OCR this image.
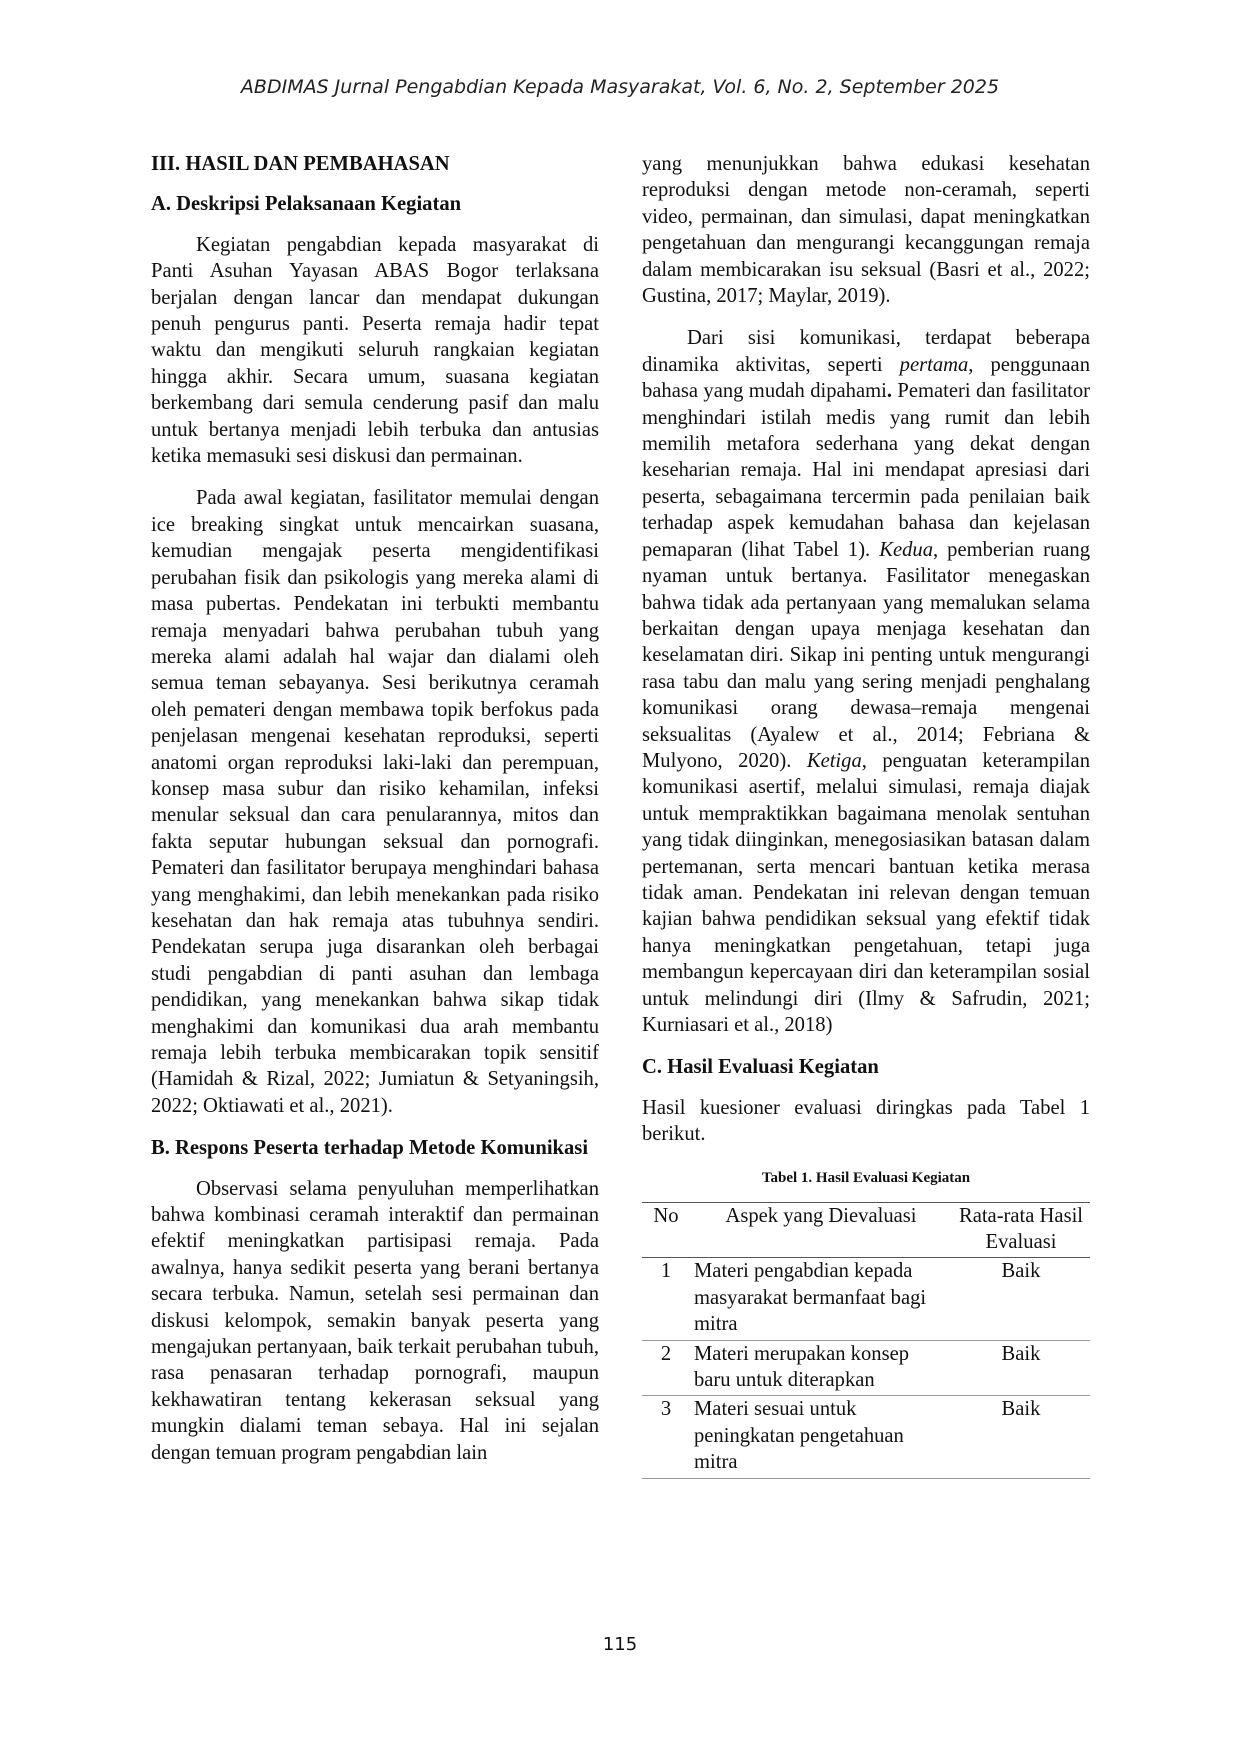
ABDIMAS Jurnal Pengabdian Kepada Masyarakat, Vol. 6, No. 2, September 2025
III. HASIL DAN PEMBAHASAN
A. Deskripsi Pelaksanaan Kegiatan

Kegiatan pengabdian kepada masyarakat di Panti Asuhan Yayasan ABAS Bogor terlaksana berjalan dengan lancar dan mendapat dukungan penuh pengurus panti. Peserta remaja hadir tepat waktu dan mengikuti seluruh rangkaian kegiatan hingga akhir. Secara umum, suasana kegiatan berkembang dari semula cenderung pasif dan malu untuk bertanya menjadi lebih terbuka dan antusias ketika memasuki sesi diskusi dan permainan.

Pada awal kegiatan, fasilitator memulai dengan ice breaking singkat untuk mencairkan suasana, kemudian mengajak peserta mengidentifikasi perubahan fisik dan psikologis yang mereka alami di masa pubertas. Pendekatan ini terbukti membantu remaja menyadari bahwa perubahan tubuh yang mereka alami adalah hal wajar dan dialami oleh semua teman sebayanya. Sesi berikutnya ceramah oleh pemateri dengan membawa topik berfokus pada penjelasan mengenai kesehatan reproduksi, seperti anatomi organ reproduksi laki-laki dan perempuan, konsep masa subur dan risiko kehamilan, infeksi menular seksual dan cara penularannya, mitos dan fakta seputar hubungan seksual dan pornografi. Pemateri dan fasilitator berupaya menghindari bahasa yang menghakimi, dan lebih menekankan pada risiko kesehatan dan hak remaja atas tubuhnya sendiri. Pendekatan serupa juga disarankan oleh berbagai studi pengabdian di panti asuhan dan lembaga pendidikan, yang menekankan bahwa sikap tidak menghakimi dan komunikasi dua arah membantu remaja lebih terbuka membicarakan topik sensitif (Hamidah & Rizal, 2022; Jumiatun & Setyaningsih, 2022; Oktiawati et al., 2021).

B. Respons Peserta terhadap Metode Komunikasi

Observasi selama penyuluhan memperlihatkan bahwa kombinasi ceramah interaktif dan permainan efektif meningkatkan partisipasi remaja. Pada awalnya, hanya sedikit peserta yang berani bertanya secara terbuka. Namun, setelah sesi permainan dan diskusi kelompok, semakin banyak peserta yang mengajukan pertanyaan, baik terkait perubahan tubuh, rasa penasaran terhadap pornografi, maupun kekhawatiran tentang kekerasan seksual yang mungkin dialami teman sebaya. Hal ini sejalan dengan temuan program pengabdian lain

yang menunjukkan bahwa edukasi kesehatan reproduksi dengan metode non-ceramah, seperti video, permainan, dan simulasi, dapat meningkatkan pengetahuan dan mengurangi kecanggungan remaja dalam membicarakan isu seksual (Basri et al., 2022; Gustina, 2017; Maylar, 2019).

Dari sisi komunikasi, terdapat beberapa dinamika aktivitas, seperti pertama, penggunaan bahasa yang mudah dipahami. Pemateri dan fasilitator menghindari istilah medis yang rumit dan lebih memilih metafora sederhana yang dekat dengan keseharian remaja. Hal ini mendapat apresiasi dari peserta, sebagaimana tercermin pada penilaian baik terhadap aspek kemudahan bahasa dan kejelasan pemaparan (lihat Tabel 1). Kedua, pemberian ruang nyaman untuk bertanya. Fasilitator menegaskan bahwa tidak ada pertanyaan yang memalukan selama berkaitan dengan upaya menjaga kesehatan dan keselamatan diri. Sikap ini penting untuk mengurangi rasa tabu dan malu yang sering menjadi penghalang komunikasi orang dewasa–remaja mengenai seksualitas (Ayalew et al., 2014; Febriana & Mulyono, 2020). Ketiga, penguatan keterampilan komunikasi asertif, melalui simulasi, remaja diajak untuk mempraktikkan bagaimana menolak sentuhan yang tidak diinginkan, menegosiasikan batasan dalam pertemanan, serta mencari bantuan ketika merasa tidak aman. Pendekatan ini relevan dengan temuan kajian bahwa pendidikan seksual yang efektif tidak hanya meningkatkan pengetahuan, tetapi juga membangun kepercayaan diri dan keterampilan sosial untuk melindungi diri (Ilmy & Safrudin, 2021; Kurniasari et al., 2018)

C. Hasil Evaluasi Kegiatan

Hasil kuesioner evaluasi diringkas pada Tabel 1 berikut.

Tabel 1. Hasil Evaluasi Kegiatan
No	Aspek yang Dievaluasi	Rata-rata Hasil Evaluasi
1	Materi pengabdian kepada masyarakat bermanfaat bagi mitra	Baik
2	Materi merupakan konsep baru untuk diterapkan	Baik
3	Materi sesuai untuk peningkatan pengetahuan mitra	Baik
115
